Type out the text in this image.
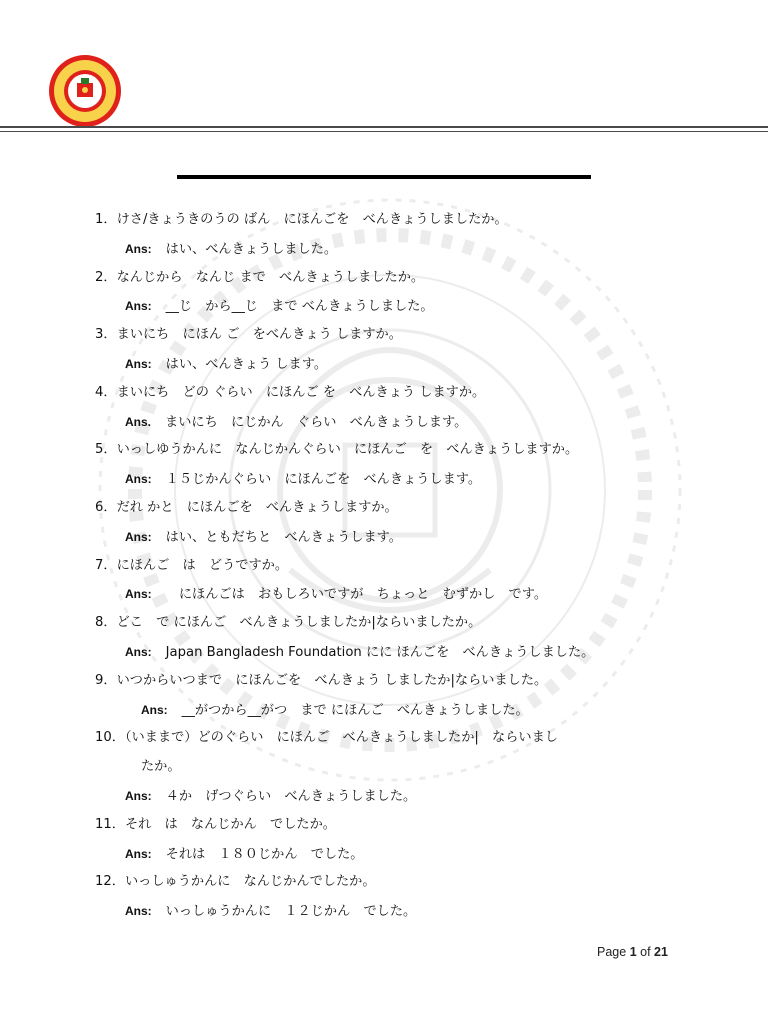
1．けさ/きょうきのうの ばん　にほんごを　べんきょうしましたか。
Ans: はい、べんきょうしました。
2．なんじから　なんじ まで　べんきょうしましたか。
Ans: __じ　から__じ　まで べんきょうしました。
3．まいにち　にほん ご　をべんきょう しますか。
Ans: はい、べんきょう します。
4．まいにち　どの ぐらい　にほんご を　べんきょう しますか。
Ans. まいにち　にじかん　ぐらい　べんきょうします。
5．いっしゆうかんに　なんじかんぐらい　にほんご　を　べんきょうしますか。
Ans: １５じかんぐらい　にほんごを　べんきょうします。
6．だれ かと　にほんごを　べんきょうしますか。
Ans: はい、ともだちと　べんきょうします。
7．にほんご　は　どうですか。
Ans:　にほんごは　おもしろいですが　ちょっと　むずかし　です。
8．どこ　で にほんご　べんきょうしましたか|ならいましたか。
Ans: Japan Bangladesh Foundation にに ほんごを　べんきょうしました。
9．いつからいつまで　にほんごを　べんきょう しましたか|ならいました。
Ans: __がつから__がつ　まで にほんご　べんきょうしました。
10．（いままで）どのぐらい　にほんご　べんきょうしましたか|　ならいまし
たか。
Ans: ４か　げつぐらい　べんきょうしました。
11．それ　は　なんじかん　でしたか。
Ans: それは　１８０じかん　でした。
12．いっしゅうかんに　なんじかんでしたか。
Ans: いっしゅうかんに　１２じかん　でした。
Page 1 of 21
